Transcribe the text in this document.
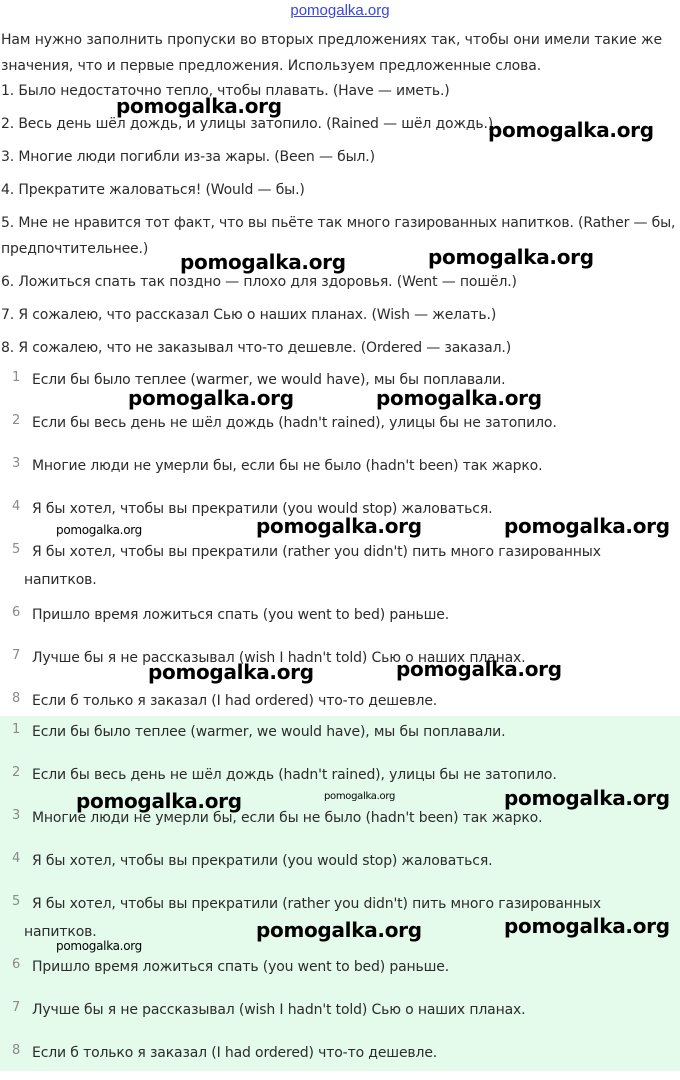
pomogalka.org
Нам нужно заполнить пропуски во вторых предложениях так, чтобы они имели такие же значения, что и первые предложения. Используем предложенные слова.
1. Было недостаточно тепло, чтобы плавать. (Have — иметь.)
2. Весь день шёл дождь, и улицы затопило. (Rained — шёл дождь.)
3. Многие люди погибли из-за жары. (Been — был.)
4. Прекратите жаловаться! (Would — бы.)
5. Мне не нравится тот факт, что вы пьёте так много газированных напитков. (Rather — бы, предпочтительнее.)
6. Ложиться спать так поздно — плохо для здоровья. (Went — пошёл.)
7. Я сожалею, что рассказал Сью о наших планах. (Wish — желать.)
8. Я сожалею, что не заказывал что-то дешевле. (Ordered — заказал.)
1 Если бы было теплее (warmer, we would have), мы бы поплавали.
2 Если бы весь день не шёл дождь (hadn't rained), улицы бы не затопило.
3 Многие люди не умерли бы, если бы не было (hadn't been) так жарко.
4 Я бы хотел, чтобы вы прекратили (you would stop) жаловаться.
5 Я бы хотел, чтобы вы прекратили (rather you didn't) пить много газированных
напитков.
6 Пришло время ложиться спать (you went to bed) раньше.
7 Лучше бы я не рассказывал (wish I hadn't told) Сью о наших планах.
8 Если б только я заказал (I had ordered) что-то дешевле.
1 Если бы было теплее (warmer, we would have), мы бы поплавали.
2 Если бы весь день не шёл дождь (hadn't rained), улицы бы не затопило.
3 Многие люди не умерли бы, если бы не было (hadn't been) так жарко.
4 Я бы хотел, чтобы вы прекратили (you would stop) жаловаться.
5 Я бы хотел, чтобы вы прекратили (rather you didn't) пить много газированных
напитков.
6 Пришло время ложиться спать (you went to bed) раньше.
7 Лучше бы я не рассказывал (wish I hadn't told) Сью о наших планах.
8 Если б только я заказал (I had ordered) что-то дешевле.
pomogalka.org
pomogalka.org
pomogalka.org	pomogalka.org
pomogalka.org	pomogalka.org
pomogalka.org	pomogalka.org	pomogalka.org
pomogalka.org	pomogalka.org
pomogalka.org	pomogalka.org	pomogalka.org
pomogalka.org
pomogalka.org	pomogalka.org
